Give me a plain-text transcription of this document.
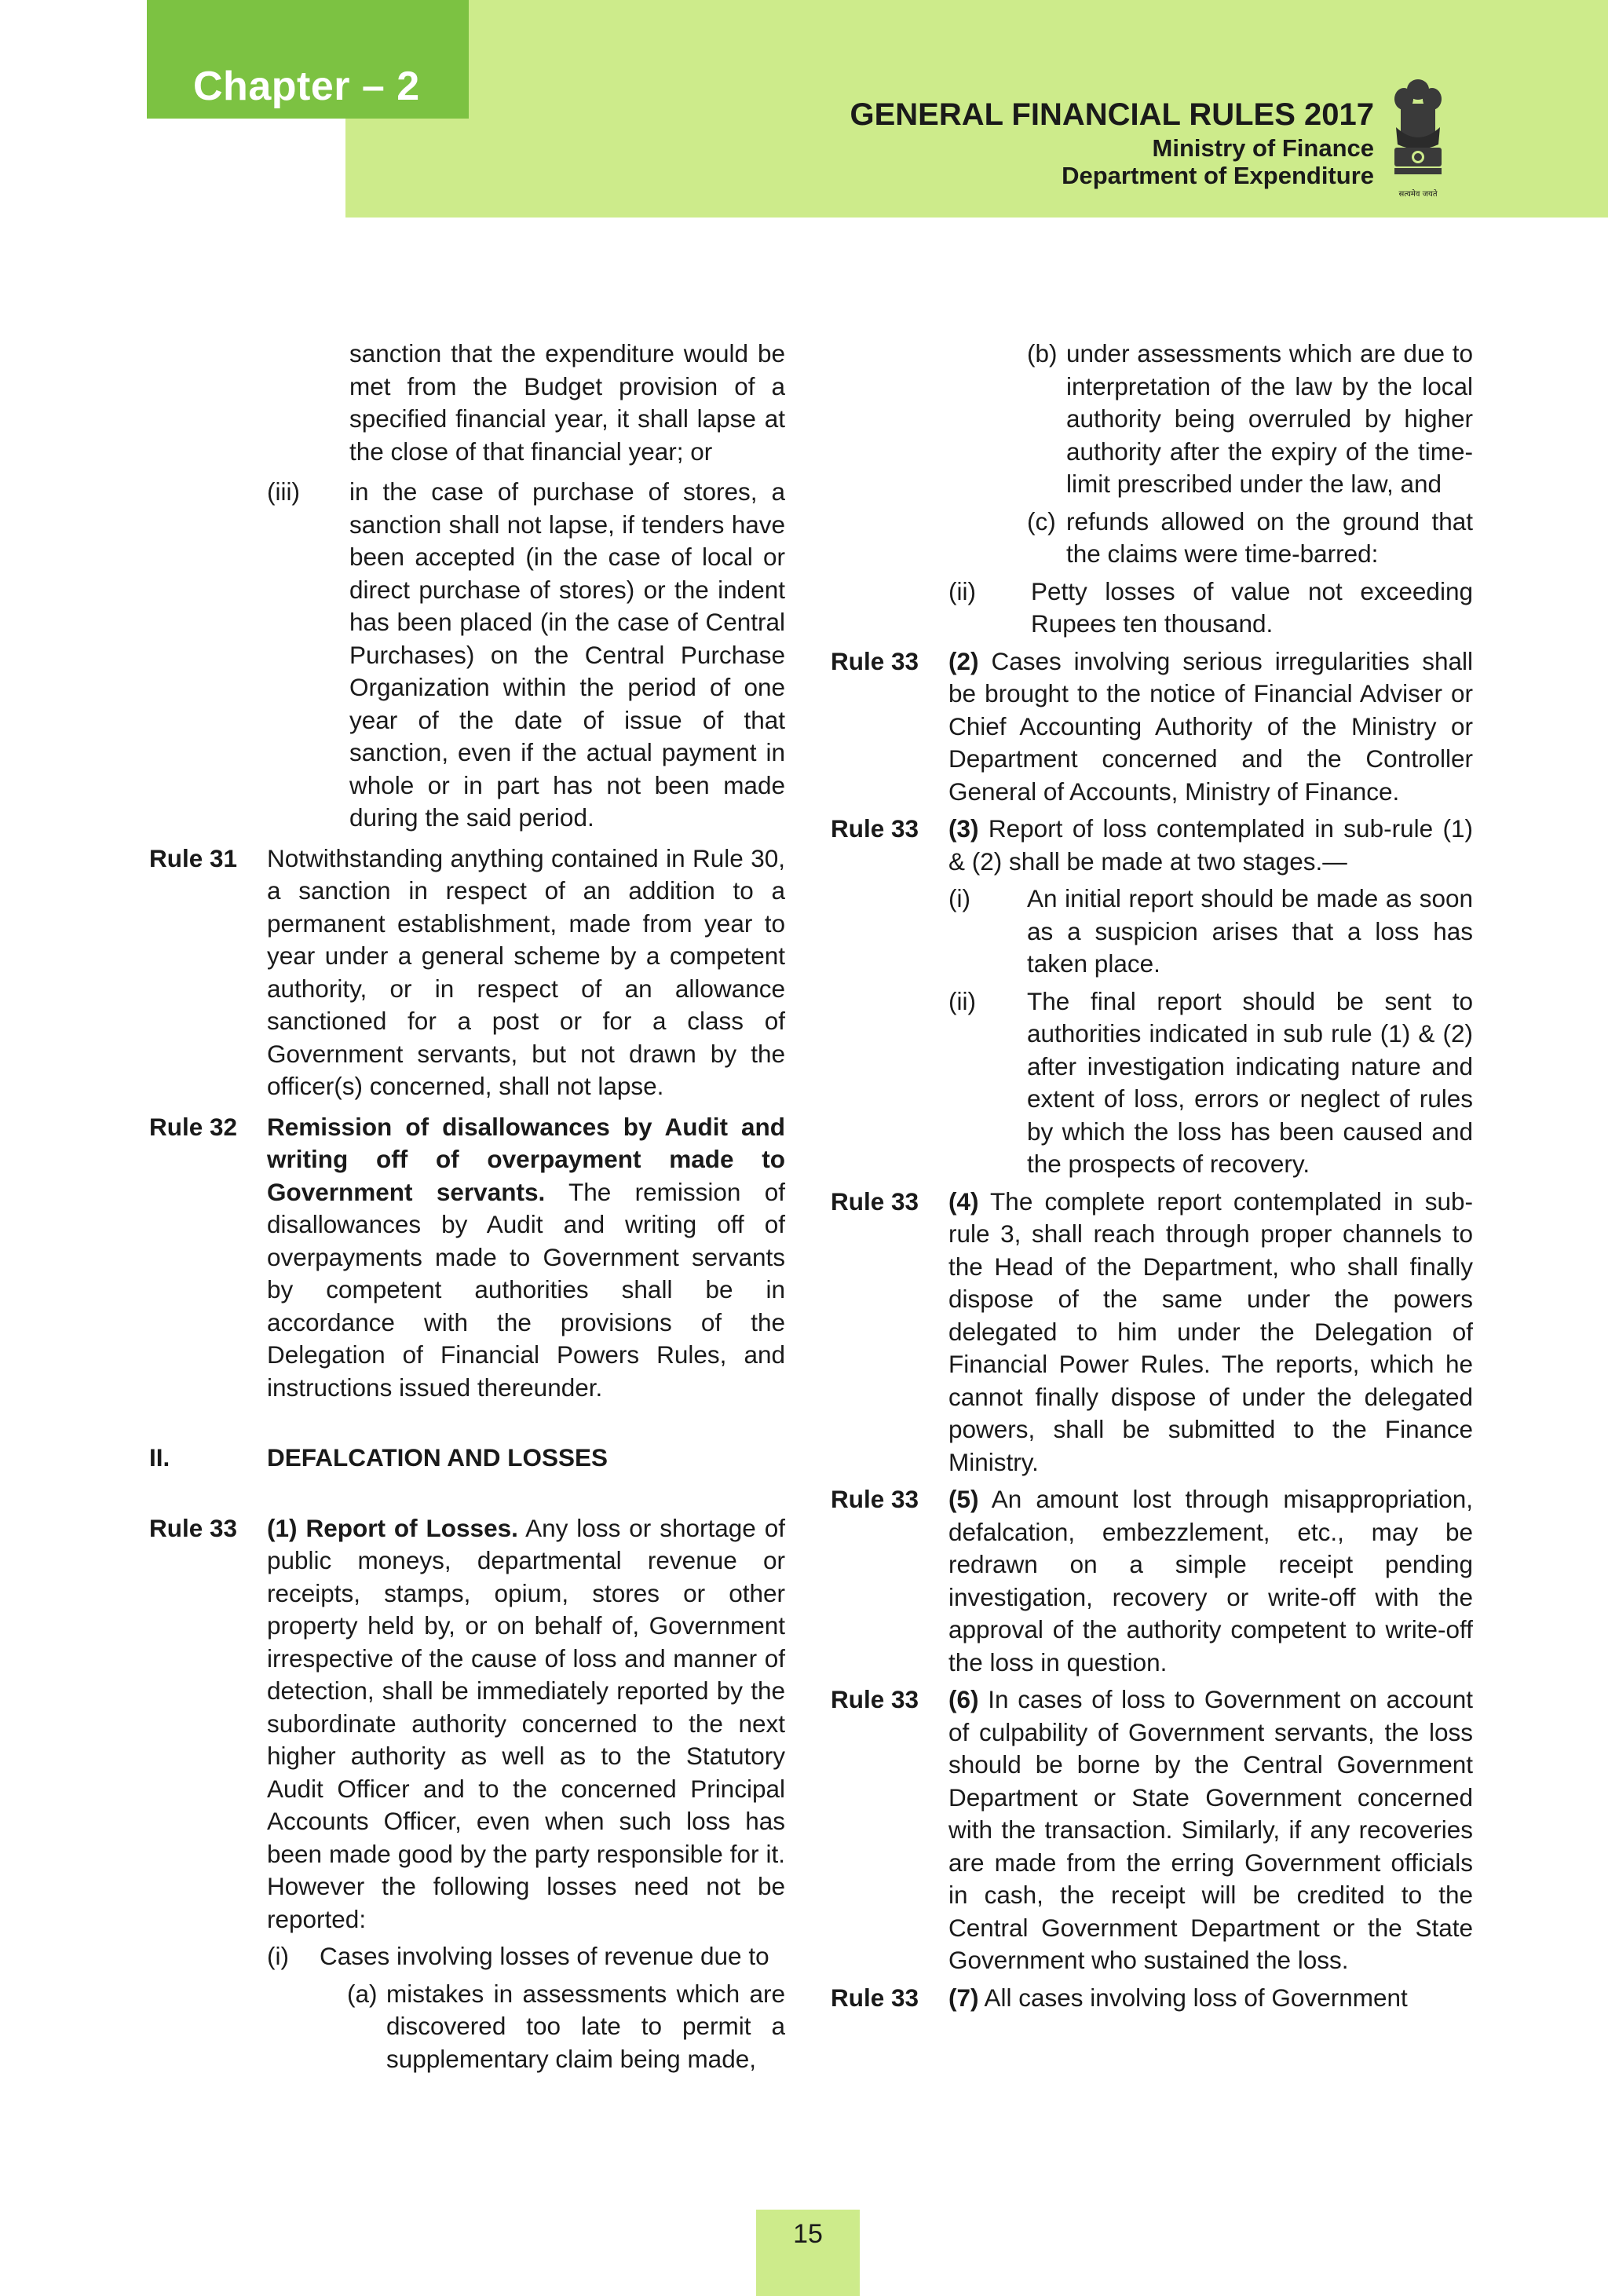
Chapter – 2
GENERAL FINANCIAL RULES 2017
Ministry of Finance
Department of Expenditure
सत्यमेव जयते
sanction that the expenditure would be met from the Budget provision of a specified financial year, it shall lapse at the close of that financial year; or
(iii) in the case of purchase of stores, a sanction shall not lapse, if tenders have been accepted (in the case of local or direct purchase of stores) or the indent has been placed (in the case of Central Purchases) on the Central Purchase Organization within the period of one year of the date of issue of that sanction, even if the actual payment in whole or in part has not been made during the said period.
Rule 31 Notwithstanding anything contained in Rule 30, a sanction in respect of an addition to a permanent establishment, made from year to year under a general scheme by a competent authority, or in respect of an allowance sanctioned for a post or for a class of Government servants, but not drawn by the officer(s) concerned, shall not lapse.
Rule 32 Remission of disallowances by Audit and writing off of overpayment made to Government servants. The remission of disallowances by Audit and writing off of overpayments made to Government servants by competent authorities shall be in accordance with the provisions of the Delegation of Financial Powers Rules, and instructions issued thereunder.
II.	DEFALCATION AND LOSSES
Rule 33 (1) Report of Losses. Any loss or shortage of public moneys, departmental revenue or receipts, stamps, opium, stores or other property held by, or on behalf of, Government irrespective of the cause of loss and manner of detection, shall be immediately reported by the subordinate authority concerned to the next higher authority as well as to the Statutory Audit Officer and to the concerned Principal Accounts Officer, even when such loss has been made good by the party responsible for it. However the following losses need not be reported:
(i) Cases involving losses of revenue due to
(a) mistakes in assessments which are discovered too late to permit a supplementary claim being made,
(b) under assessments which are due to interpretation of the law by the local authority being overruled by higher authority after the expiry of the time-limit prescribed under the law, and
(c) refunds allowed on the ground that the claims were time-barred:
(ii) Petty losses of value not exceeding Rupees ten thousand.
Rule 33 (2) Cases involving serious irregularities shall be brought to the notice of Financial Adviser or Chief Accounting Authority of the Ministry or Department concerned and the Controller General of Accounts, Ministry of Finance.
Rule 33 (3) Report of loss contemplated in sub-rule (1) & (2) shall be made at two stages.—
(i) An initial report should be made as soon as a suspicion arises that a loss has taken place.
(ii) The final report should be sent to authorities indicated in sub rule (1) & (2) after investigation indicating nature and extent of loss, errors or neglect of rules by which the loss has been caused and the prospects of recovery.
Rule 33 (4) The complete report contemplated in sub-rule 3, shall reach through proper channels to the Head of the Department, who shall finally dispose of the same under the powers delegated to him under the Delegation of Financial Power Rules. The reports, which he cannot finally dispose of under the delegated powers, shall be submitted to the Finance Ministry.
Rule 33 (5) An amount lost through misappropriation, defalcation, embezzlement, etc., may be redrawn on a simple receipt pending investigation, recovery or write-off with the approval of the authority competent to write-off the loss in question.
Rule 33 (6) In cases of loss to Government on account of culpability of Government servants, the loss should be borne by the Central Government Department or State Government concerned with the transaction. Similarly, if any recoveries are made from the erring Government officials in cash, the receipt will be credited to the Central Government Department or the State Government who sustained the loss.
Rule 33 (7) All cases involving loss of Government
15
